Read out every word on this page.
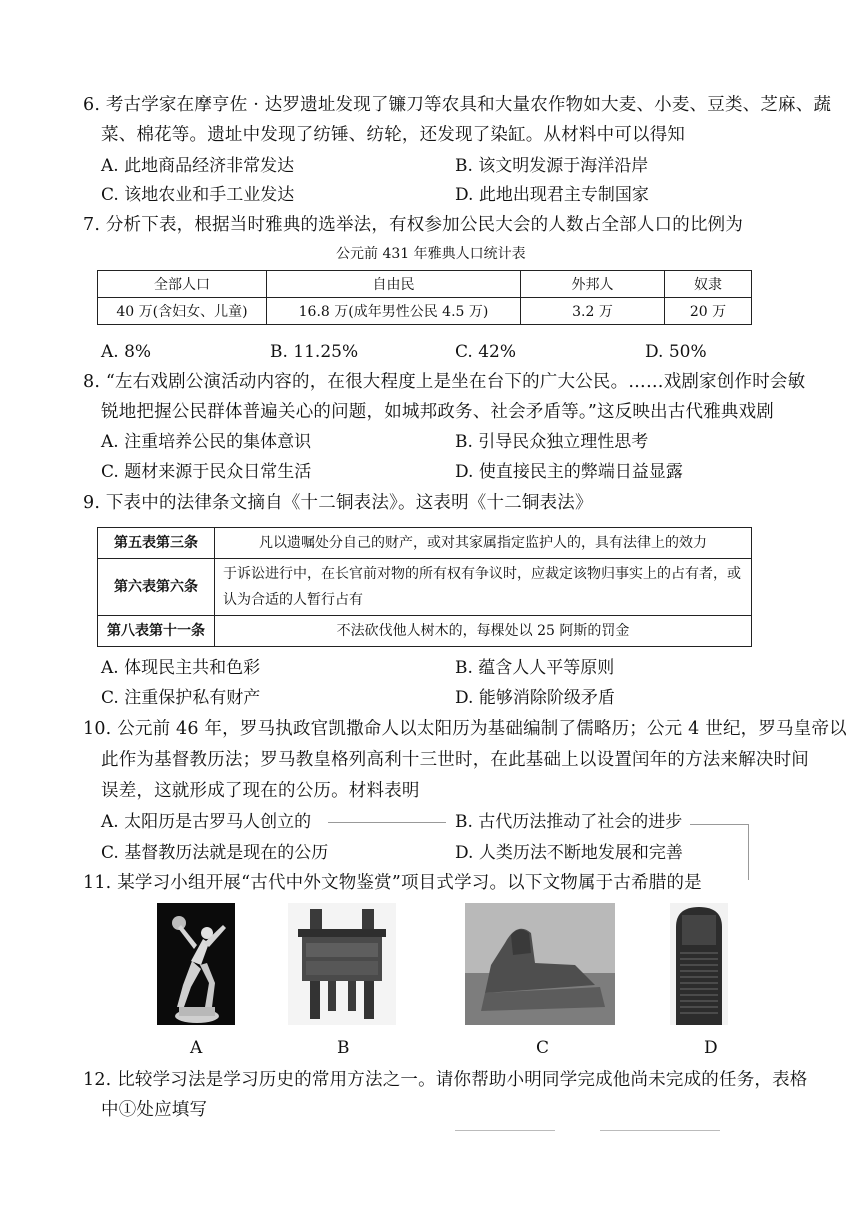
6. 考古学家在摩亨佐 · 达罗遗址发现了镰刀等农具和大量农作物如大麦、小麦、豆类、芝麻、蔬
菜、棉花等。遗址中发现了纺锤、纺轮，还发现了染缸。从材料中可以得知
A. 此地商品经济非常发达	B. 该文明发源于海洋沿岸
C. 该地农业和手工业发达	D. 此地出现君主专制国家
7. 分析下表，根据当时雅典的选举法，有权参加公民大会的人数占全部人口的比例为
公元前 431 年雅典人口统计表
全部人口	自由民	外邦人	奴隶
40 万(含妇女、儿童)	16.8 万(成年男性公民 4.5 万)	3.2 万	20 万
A. 8%	B. 11.25%	C. 42%	D. 50%
8. “左右戏剧公演活动内容的，在很大程度上是坐在台下的广大公民。……戏剧家创作时会敏
锐地把握公民群体普遍关心的问题，如城邦政务、社会矛盾等。”这反映出古代雅典戏剧
A. 注重培养公民的集体意识	B. 引导民众独立理性思考
C. 题材来源于民众日常生活	D. 使直接民主的弊端日益显露
9. 下表中的法律条文摘自《十二铜表法》。这表明《十二铜表法》
第五表第三条	凡以遗嘱处分自己的财产，或对其家属指定监护人的，具有法律上的效力
第六表第六条	于诉讼进行中，在长官前对物的所有权有争议时，应裁定该物归事实上的占有者，或认为合适的人暂行占有
第八表第十一条	不法砍伐他人树木的，每棵处以 25 阿斯的罚金
A. 体现民主共和色彩	B. 蕴含人人平等原则
C. 注重保护私有财产	D. 能够消除阶级矛盾
10. 公元前 46 年，罗马执政官凯撒命人以太阳历为基础编制了儒略历；公元 4 世纪，罗马皇帝以
此作为基督教历法；罗马教皇格列高利十三世时，在此基础上以设置闰年的方法来解决时间
误差，这就形成了现在的公历。材料表明
A. 太阳历是古罗马人创立的	B. 古代历法推动了社会的进步
C. 基督教历法就是现在的公历	D. 人类历法不断地发展和完善
11. 某学习小组开展“古代中外文物鉴赏”项目式学习。以下文物属于古希腊的是
A	B	C	D
12. 比较学习法是学习历史的常用方法之一。请你帮助小明同学完成他尚未完成的任务，表格
中①处应填写
